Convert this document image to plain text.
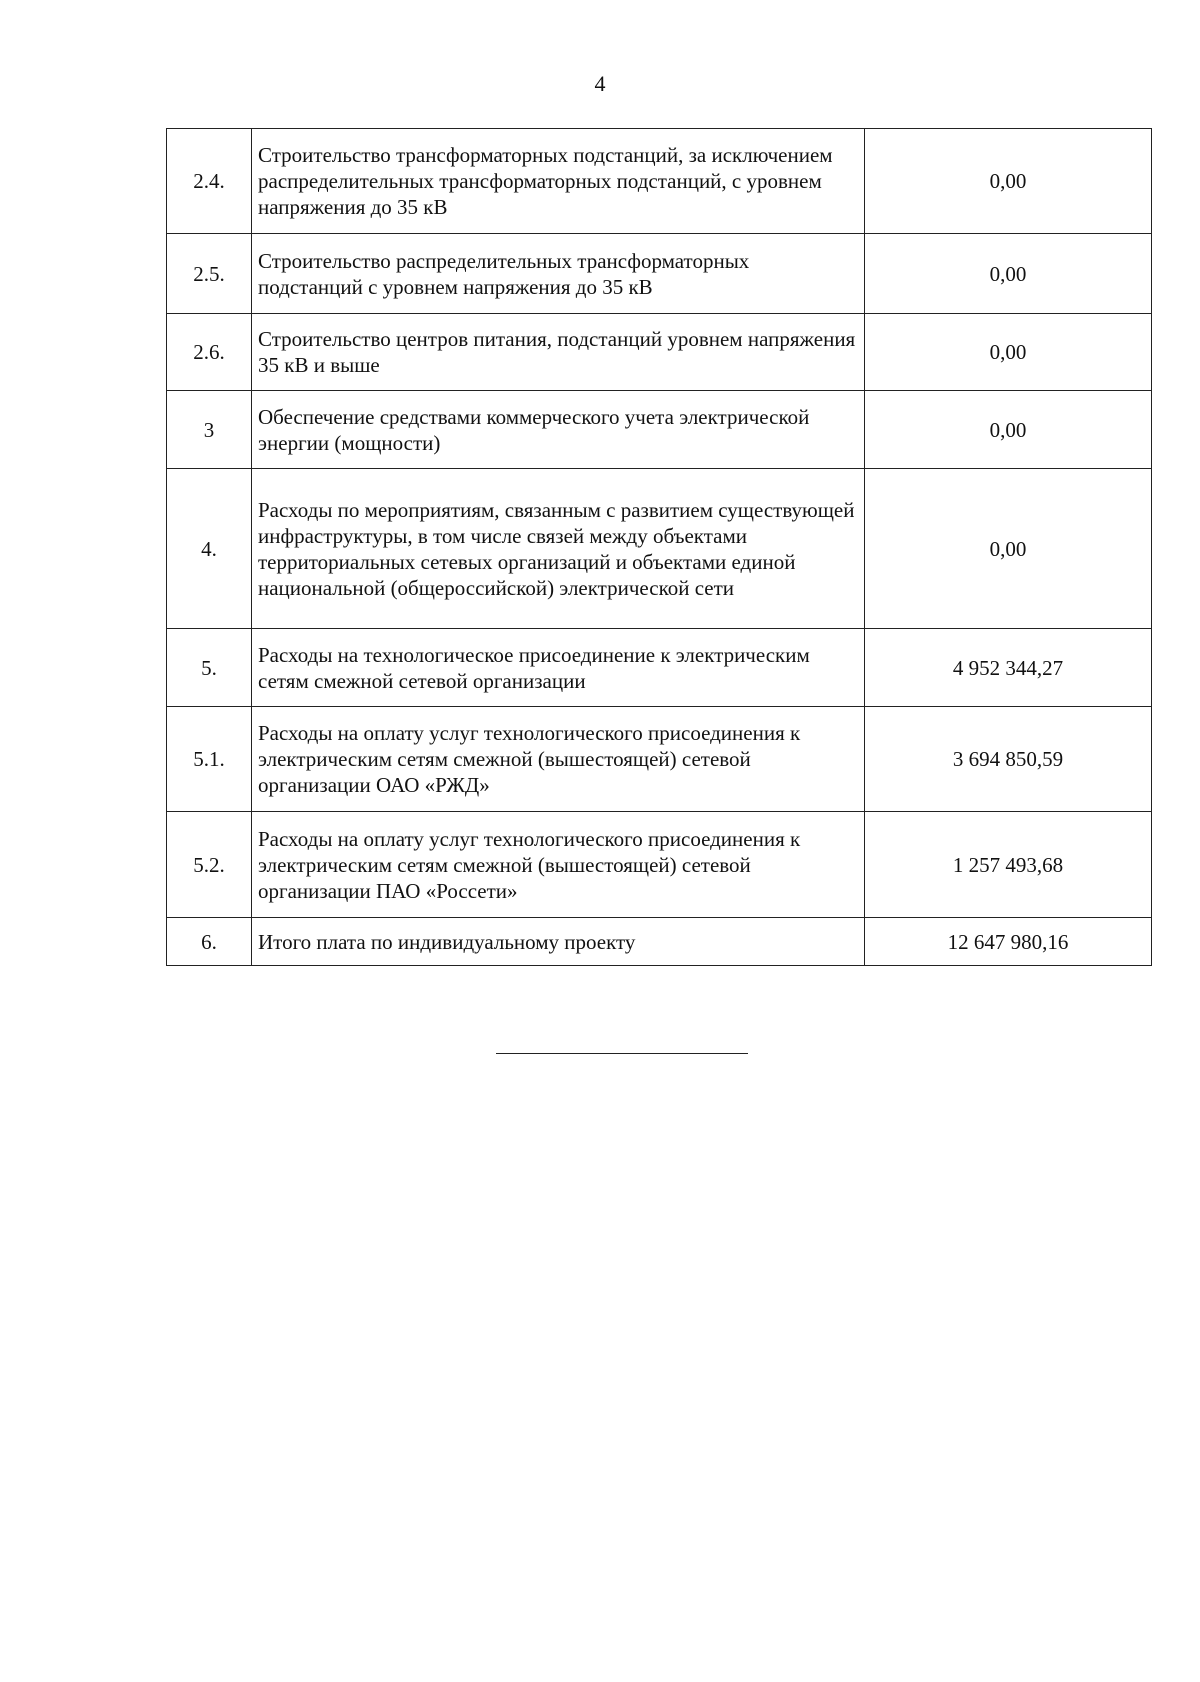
4
2.4.	Строительство трансформаторных подстанций, за исключением распределительных трансформаторных подстанций, с уровнем напряжения до 35 кВ	0,00
2.5.	Строительство распределительных трансформаторных подстанций с уровнем напряжения до 35 кВ	0,00
2.6.	Строительство центров питания, подстанций уровнем напряжения 35 кВ и выше	0,00
3	Обеспечение средствами коммерческого учета электрической энергии (мощности)	0,00
4.	Расходы по мероприятиям, связанным с развитием существующей инфраструктуры, в том числе связей между объектами территориальных сетевых организаций и объектами единой национальной (общероссийской) электрической сети	0,00
5.	Расходы на технологическое присоединение к электрическим сетям смежной сетевой организации	4 952 344,27
5.1.	Расходы на оплату услуг технологического присоединения к электрическим сетям смежной (вышестоящей) сетевой организации ОАО «РЖД»	3 694 850,59
5.2.	Расходы на оплату услуг технологического присоединения к электрическим сетям смежной (вышестоящей) сетевой организации ПАО «Россети»	1 257 493,68
6.	Итого плата по индивидуальному проекту	12 647 980,16
